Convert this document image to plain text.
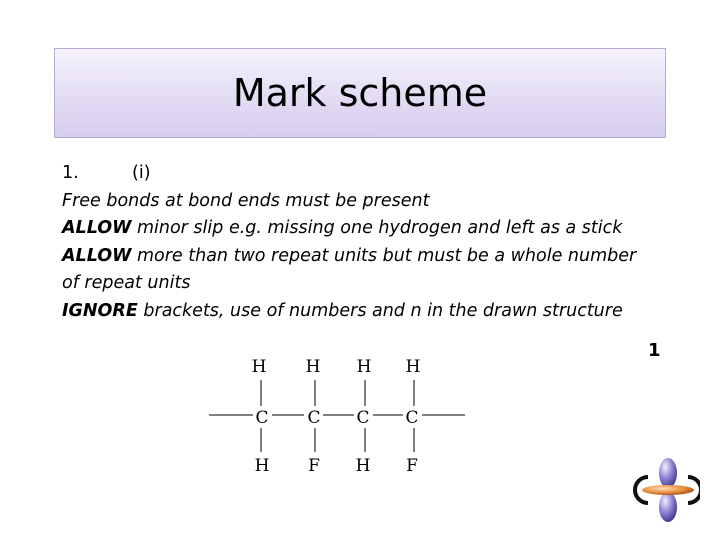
Mark scheme
1.	(i)
Free bonds at bond ends must be present
ALLOW minor slip e.g. missing one hydrogen and left as a stick
ALLOW more than two repeat units but must be a whole number
of repeat units
IGNORE brackets, use of numbers and n in the drawn structure
1
H H H H
C C C C
H F H F
